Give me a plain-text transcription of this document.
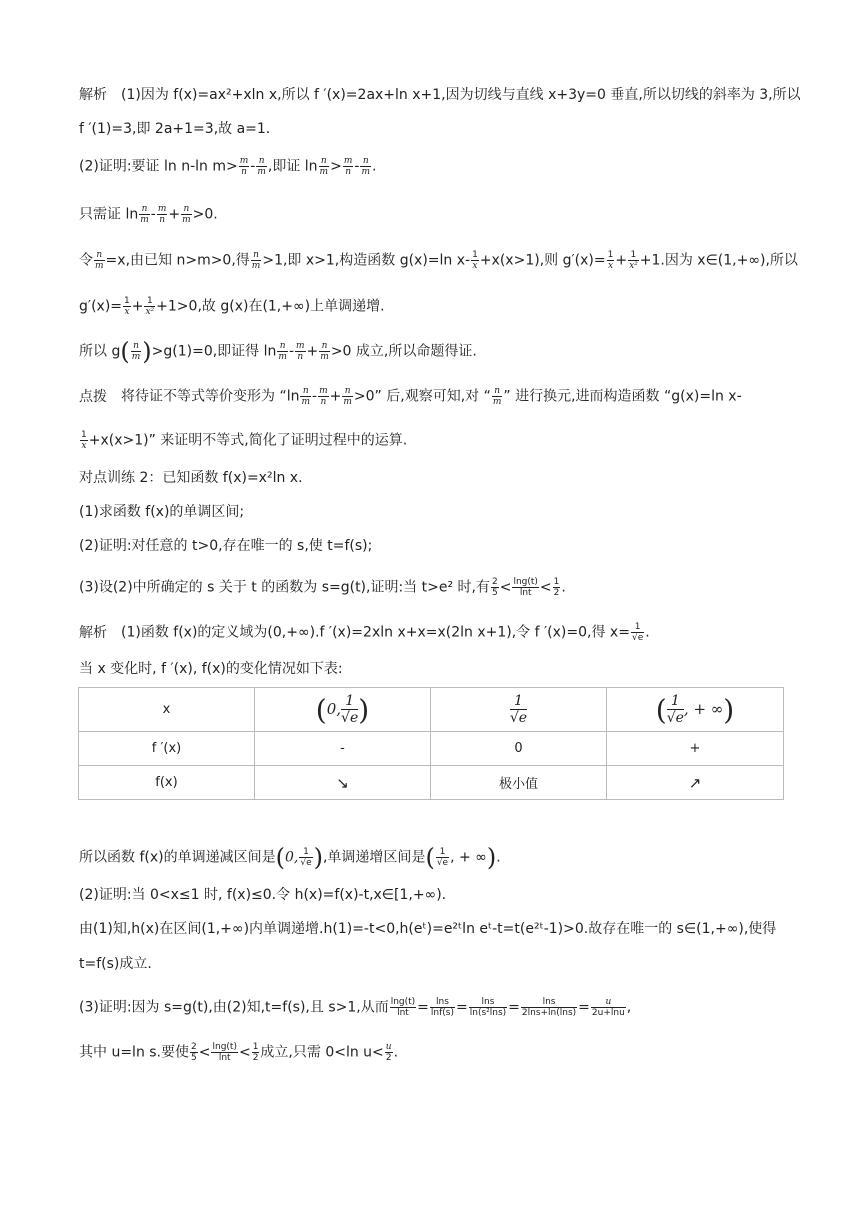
解析 (1)因为 f(x)=ax²+xln x,所以 f ′(x)=2ax+ln x+1,因为切线与直线 x+3y=0 垂直,所以切线的斜率为 3,所以
f ′(1)=3,即 2a+1=3,故 a=1.
(2)证明:要证 ln n-ln $m> \frac{m}{n} - \frac{n}{m}$ ,即证 $\ln \frac{n}{m} > \frac{m}{n} - \frac{n}{m}$ .
只需证 $\ln \frac{n}{m} - \frac{m}{n} + \frac{n}{m} >0$.
令 $\frac{n}{m} =x$,由已知 n>m>0,得 $\frac{n}{m} >1$,即 x>1,构造函数 g(x)=ln $x- \frac{1}{x} +x(x>1)$,则 $g'(x)= \frac{1}{x} + \frac{1}{\text{x²}} +1$.因为 x∈(1,+∞),所以
$g'(x)= \frac{1}{x} + \frac{1}{\text{x²}} +1>0$,故 g(x)在(1,+∞)上单调递增.
所以 $g( \frac{n}{m} )>g(1)=0$,即证得 $\ln \frac{n}{m} - \frac{m}{n} + \frac{n}{m} >0$ 成立,所以命题得证.
点拨 将待证不等式等价变形为 “$\ln \frac{n}{m} - \frac{m}{n} + \frac{n}{m} >0$” 后,观察可知,对 “ $\frac{n}{m}$ ” 进行换元,进而构造函数 “g(x)=ln x-
$\frac{1}{x} +x(x>1)$” 来证明不等式,简化了证明过程中的运算.
对点训练 2：已知函数 f(x)=x²ln x.
(1)求函数 f(x)的单调区间;
(2)证明:对任意的 t>0,存在唯一的 s,使 t=f(s);
(3)设(2)中所确定的 s 关于 t 的函数为 s=g(t),证明:当 t>e² 时,有 $\frac{2}{5} < \frac{\ln g(t)}{\ln t} < \frac{1}{2}$ .
解析 (1)函数 f(x)的定义域为(0,+∞).f ′(x)=2xln x+x=x(2ln x+1),令 f ′(x)=0,得 $x= \frac{1}{√e}$ .
当 x 变化时, f ′(x), f(x)的变化情况如下表:
x	(0, $\frac{1}{√e}$ )	$\frac{1}{√e}$	( $\frac{1}{√e}$ , + ∞)
f ′(x)	-	0	+
f(x)	↘	极小值	↗
所以函数 f(x)的单调递减区间是(0, $\frac{1}{√e}$ ),单调递增区间是( $\frac{1}{√e}$ , + ∞).
(2)证明:当 0<x≤1 时, f(x)≤0.令 h(x)=f(x)-t,x∈[1,+∞).
由(1)知,h(x)在区间(1,+∞)内单调递增.h(1)=-t<0,h(eᵗ)=e²ᵗln eᵗ-t=t(e²ᵗ-1)>0.故存在唯一的 s∈(1,+∞),使得
t=f(s)成立.
(3)证明:因为 s=g(t),由(2)知,t=f(s),且 s>1,从而 $\frac{\ln g(t)}{\ln t} = \frac{\ln s}{\ln f(s)} = \frac{\ln s}{\text{ln(s²lns)}} = \frac{\ln s}{2\ln s+\ln(\ln s)} = \frac{u}{2u+\ln u}$ ,
其中 u=ln s.要使 $\frac{2}{5} < \frac{\ln g(t)}{\ln t} < \frac{1}{2}$ 成立,只需 0<ln $u< \frac{u}{2}$ .
